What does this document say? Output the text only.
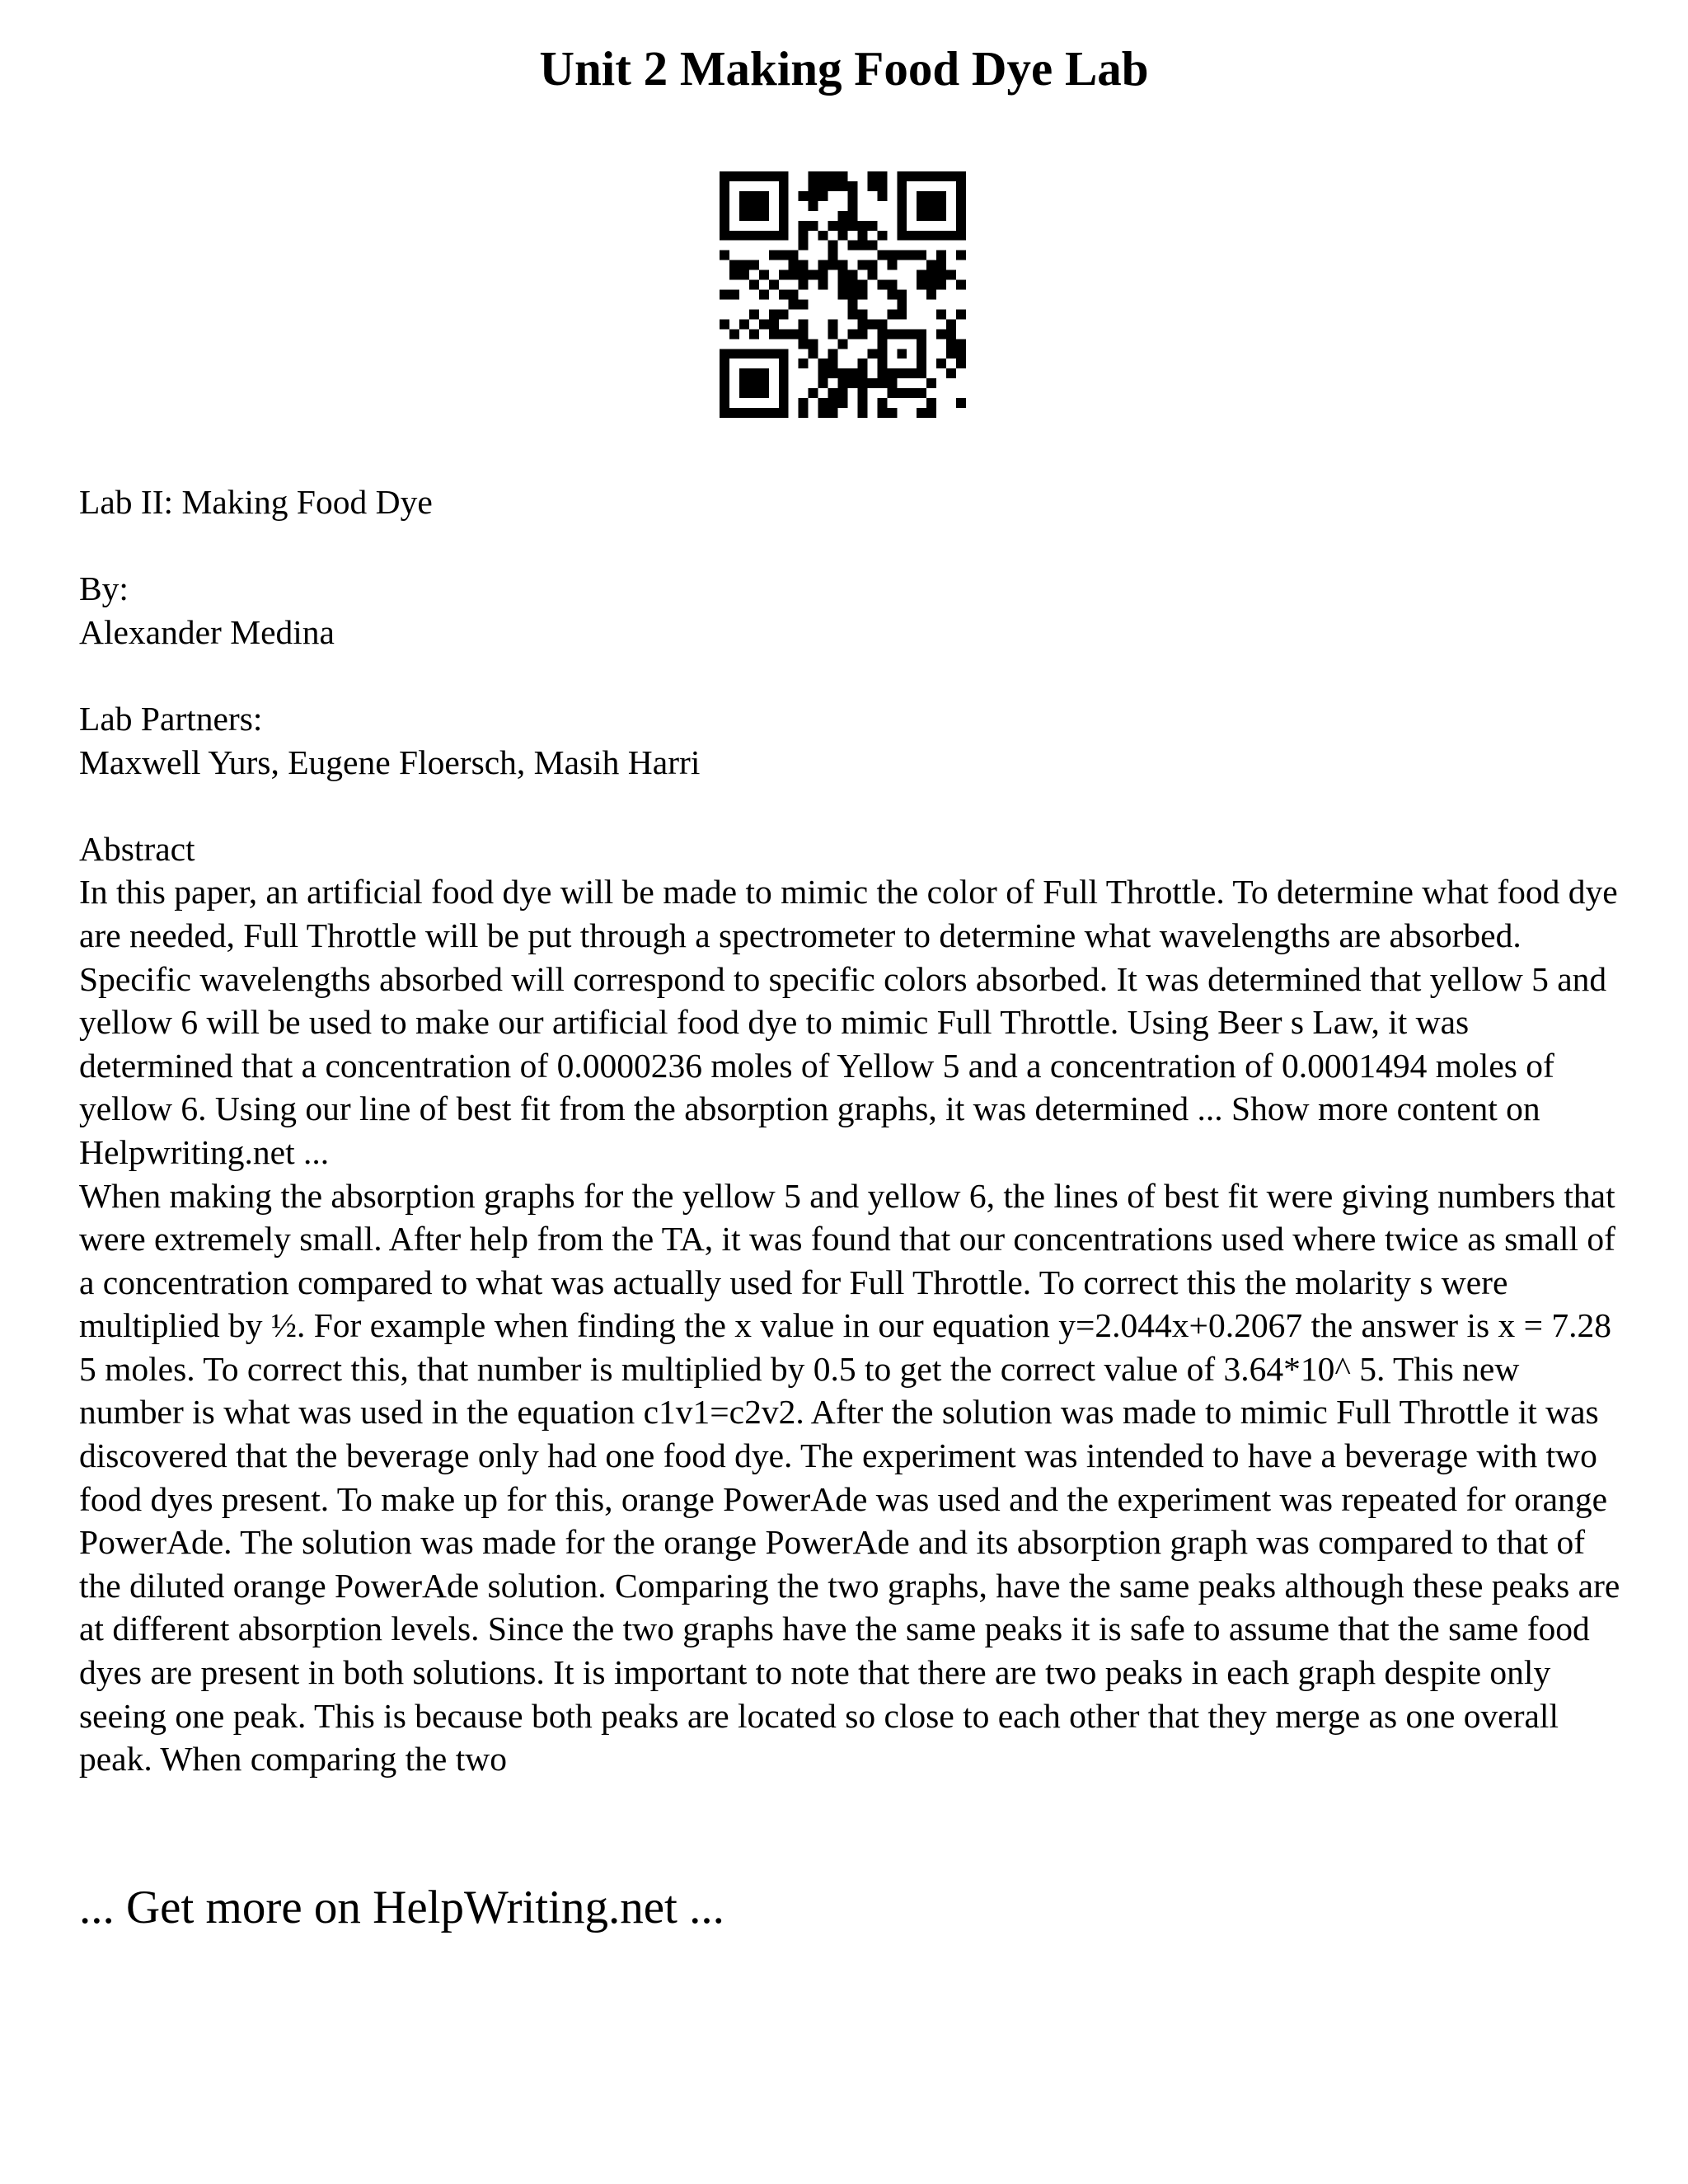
Unit 2 Making Food Dye Lab

Lab II: Making Food Dye

By:

Alexander Medina

Lab Partners:

Maxwell Yurs, Eugene Floersch, Masih Harri

Abstract

In this paper, an artificial food dye will be made to mimic the color of Full Throttle. To determine what food dye are needed, Full Throttle will be put through a spectrometer to determine what wavelengths are absorbed. Specific wavelengths absorbed will correspond to specific colors absorbed. It was determined that yellow 5 and yellow 6 will be used to make our artificial food dye to mimic Full Throttle. Using Beer s Law, it was determined that a concentration of 0.0000236 moles of Yellow 5 and a concentration of 0.0001494 moles of yellow 6. Using our line of best fit from the absorption graphs, it was determined ... Show more content on Helpwriting.net ...

When making the absorption graphs for the yellow 5 and yellow 6, the lines of best fit were giving numbers that were extremely small. After help from the TA, it was found that our concentrations used where twice as small of a concentration compared to what was actually used for Full Throttle. To correct this the molarity s were multiplied by ½. For example when finding the x value in our equation y=2.044x+0.2067 the answer is x = 7.28 5 moles. To correct this, that number is multiplied by 0.5 to get the correct value of 3.64*10^ 5. This new number is what was used in the equation c1v1=c2v2. After the solution was made to mimic Full Throttle it was discovered that the beverage only had one food dye. The experiment was intended to have a beverage with two food dyes present. To make up for this, orange PowerAde was used and the experiment was repeated for orange PowerAde. The solution was made for the orange PowerAde and its absorption graph was compared to that of the diluted orange PowerAde solution. Comparing the two graphs, have the same peaks although these peaks are at different absorption levels. Since the two graphs have the same peaks it is safe to assume that the same food dyes are present in both solutions. It is important to note that there are two peaks in each graph despite only seeing one peak. This is because both peaks are located so close to each other that they merge as one overall peak. When comparing the two

... Get more on HelpWriting.net ...
